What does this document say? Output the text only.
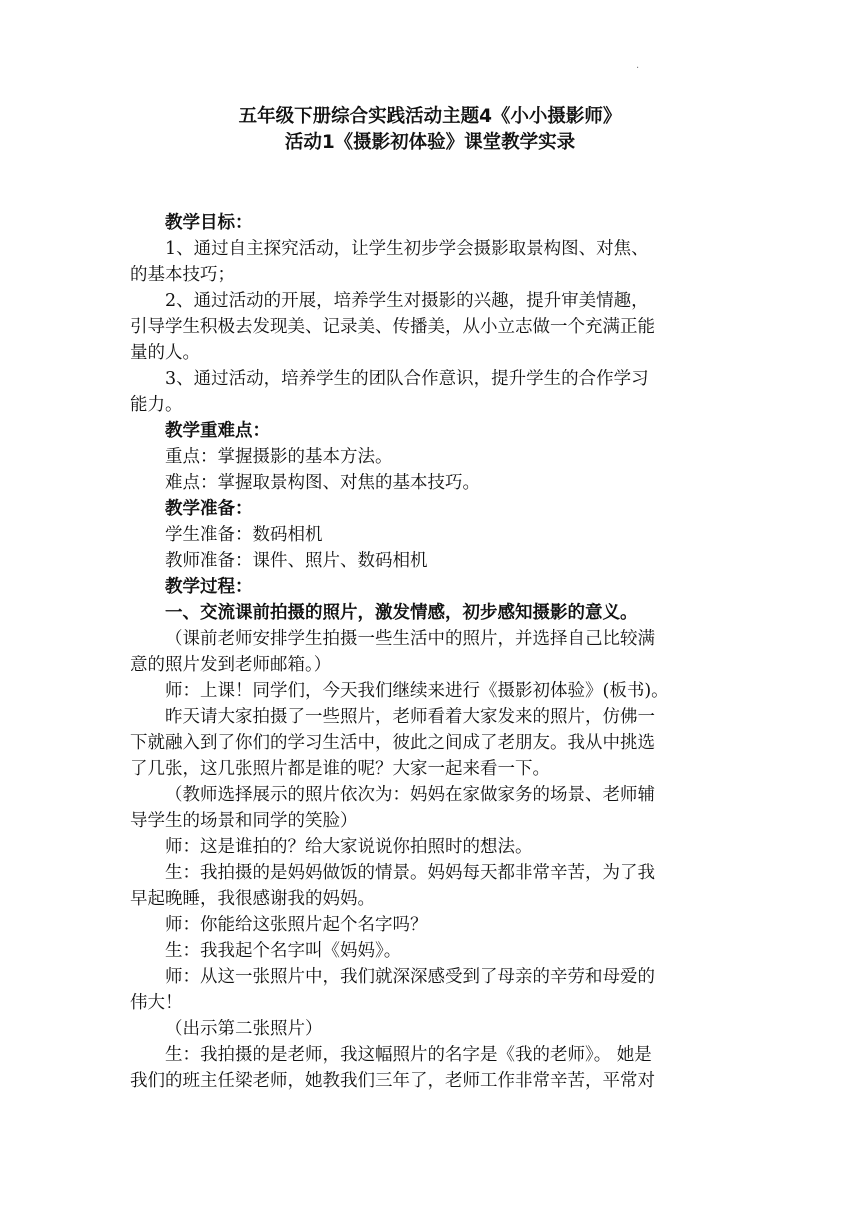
.
五年级下册综合实践活动主题4《小小摄影师》
活动1《摄影初体验》课堂教学实录
教学目标：
1、通过自主探究活动，让学生初步学会摄影取景构图、对焦、
的基本技巧；
2、通过活动的开展，培养学生对摄影的兴趣，提升审美情趣，
引导学生积极去发现美、记录美、传播美，从小立志做一个充满正能
量的人。
3、通过活动，培养学生的团队合作意识，提升学生的合作学习
能力。
教学重难点：
重点：掌握摄影的基本方法。
难点：掌握取景构图、对焦的基本技巧。
教学准备：
学生准备：数码相机
教师准备：课件、照片、数码相机
教学过程：
一、交流课前拍摄的照片，激发情感，初步感知摄影的意义。
（课前老师安排学生拍摄一些生活中的照片，并选择自己比较满
意的照片发到老师邮箱。）
师：上课！同学们，今天我们继续来进行《摄影初体验》(板书)。
昨天请大家拍摄了一些照片，老师看着大家发来的照片，仿佛一
下就融入到了你们的学习生活中，彼此之间成了老朋友。我从中挑选
了几张，这几张照片都是谁的呢？大家一起来看一下。
（教师选择展示的照片依次为：妈妈在家做家务的场景、老师辅
导学生的场景和同学的笑脸）
师：这是谁拍的？给大家说说你拍照时的想法。
生：我拍摄的是妈妈做饭的情景。妈妈每天都非常辛苦，为了我
早起晚睡，我很感谢我的妈妈。
师：你能给这张照片起个名字吗？
生：我我起个名字叫《妈妈》。
师：从这一张照片中，我们就深深感受到了母亲的辛劳和母爱的
伟大！
（出示第二张照片）
生：我拍摄的是老师，我这幅照片的名字是《我的老师》。 她是
我们的班主任梁老师，她教我们三年了，老师工作非常辛苦，平常对
